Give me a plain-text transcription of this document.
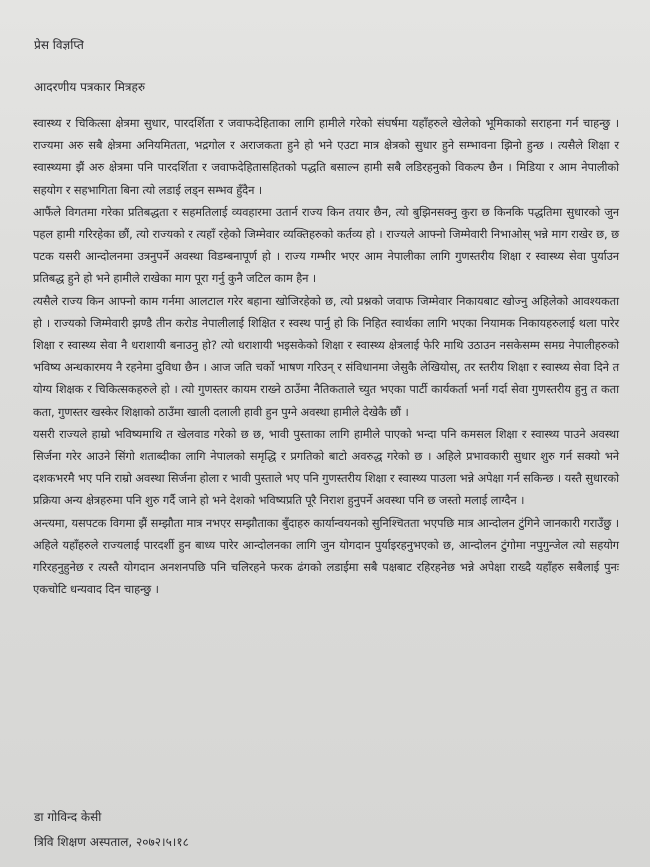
प्रेस विज्ञप्ति
आदरणीय पत्रकार मित्रहरु

स्वास्थ्य र चिकित्सा क्षेत्रमा सुधार, पारदर्शिता र जवाफदेहिताका लागि हामीले गरेको संघर्षमा यहाँहरुले खेलेको भूमिकाको सराहना गर्न चाहन्छु । राज्यमा अरु सबै क्षेत्रमा अनियमितता, भद्रगोल र अराजकता हुने हो भने एउटा मात्र क्षेत्रको सुधार हुने सम्भावना झिनो हुन्छ । त्यसैले शिक्षा र स्वास्थ्यमा झैं अरु क्षेत्रमा पनि पारदर्शिता र जवाफदेहितासहितको पद्धति बसाल्न हामी सबै लडिरहनुको विकल्प छैन । मिडिया र आम नेपालीको सहयोग र सहभागिता बिना त्यो लडाई लड्न सम्भव हुँदैन ।

आफैंले विगतमा गरेका प्रतिबद्धता र सहमतिलाई व्यवहारमा उतार्न राज्य किन तयार छैन, त्यो बुझिनसक्नु कुरा छ किनकि पद्धतिमा सुधारको जुन पहल हामी गरिरहेका छौं, त्यो राज्यको र त्यहाँ रहेको जिम्मेवार व्यक्तिहरुको कर्तव्य हो । राज्यले आफ्नो जिम्मेवारी निभाओस् भन्ने माग राखेर छ, छ पटक यसरी आन्दोलनमा उत्रनुपर्ने अवस्था विडम्बनापूर्ण हो । राज्य गम्भीर भएर आम नेपालीका लागि गुणस्तरीय शिक्षा र स्वास्थ्य सेवा पुर्याउन प्रतिबद्ध हुने हो भने हामीले राखेका माग पूरा गर्नु कुनै जटिल काम हैन ।

त्यसैले राज्य किन आफ्नो काम गर्नमा आलटाल गरेर बहाना खोजिरहेको छ, त्यो प्रश्नको जवाफ जिम्मेवार निकायबाट खोज्नु अहिलेको आवश्यकता हो । राज्यको जिम्मेवारी झण्डै तीन करोड नेपालीलाई शिक्षित र स्वस्थ पार्नु हो कि निहित स्वार्थका लागि भएका नियामक निकायहरुलाई थला पारेर शिक्षा र स्वास्थ्य सेवा नै धराशायी बनाउनु हो? त्यो धराशायी भइसकेको शिक्षा र स्वास्थ्य क्षेत्रलाई फेरि माथि उठाउन नसकेसम्म समग्र नेपालीहरुको भविष्य अन्धकारमय नै रहनेमा दुविधा छैन । आज जति चर्को भाषण गरिउन् र संविधानमा जेसुकै लेखियोस्, तर स्तरीय शिक्षा र स्वास्थ्य सेवा दिने त योग्य शिक्षक र चिकित्सकहरुले हो । त्यो गुणस्तर कायम राख्ने ठाउँमा नैतिकताले च्युत भएका पार्टी कार्यकर्ता भर्ना गर्दा सेवा गुणस्तरीय हुनु त कता कता, गुणस्तर खस्केर शिक्षाको ठाउँमा खाली दलाली हावी हुन पुग्ने अवस्था हामीले देखेकै छौं ।

यसरी राज्यले हाम्रो भविष्यमाथि त खेलवाड गरेको छ छ, भावी पुस्ताका लागि हामीले पाएको भन्दा पनि कमसल शिक्षा र स्वास्थ्य पाउने अवस्था सिर्जना गरेर आउने सिंगो शताब्दीका लागि नेपालको समृद्धि र प्रगतिको बाटो अवरुद्ध गरेको छ । अहिले प्रभावकारी सुधार शुरु गर्न सक्यो भने दशकभरमै भए पनि राम्रो अवस्था सिर्जना होला र भावी पुस्ताले भए पनि गुणस्तरीय शिक्षा र स्वास्थ्य पाउला भन्ने अपेक्षा गर्न सकिन्छ । यस्तै सुधारको प्रक्रिया अन्य क्षेत्रहरुमा पनि शुरु गर्दै जाने हो भने देशको भविष्यप्रति पूरै निराश हुनुपर्ने अवस्था पनि छ जस्तो मलाई लाग्दैन ।

अन्त्यमा, यसपटक विगमा झैं सम्झौता मात्र नभएर सम्झौताका बुँदाहरु कार्यान्वयनको सुनिश्चितता भएपछि मात्र आन्दोलन टुंगिने जानकारी गराउँछु । अहिले यहाँहरुले राज्यलाई पारदर्शी हुन बाध्य पारेर आन्दोलनका लागि जुन योगदान पुर्याइरहनुभएको छ, आन्दोलन टुंगोमा नपुगुन्जेल त्यो सहयोग गरिरहनुहुनेछ र त्यस्तै योगदान अनशनपछि पनि चलिरहने फरक ढंगको लडाईमा सबै पक्षबाट रहिरहनेछ भन्ने अपेक्षा राख्दै यहाँहरु सबैलाई पुनः एकचोटि धन्यवाद दिन चाहन्छु ।

डा गोविन्द केसी
त्रिवि शिक्षण अस्पताल, २०७२।५।१८
